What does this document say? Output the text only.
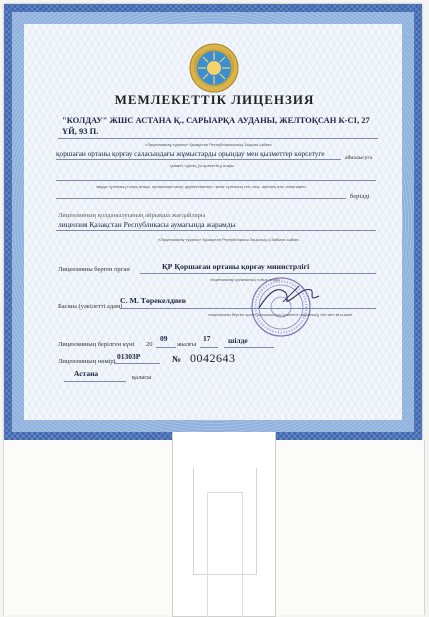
МЕМЛЕКЕТТІК ЛИЦЕНЗИЯ
"КОЛДАУ" ЖШС АСТАНА Қ., САРЫАРҚА АУДАНЫ, ЖЕЛТОҚСАН К-СІ, 27
ҮЙ, 93 П.
«Лицензиялау туралы» Қазақстан Республикасының Заңына сәйкес
қоршаған ортаны қорғау саласындағы жұмыстарды орындау мен қызметтер көрсетуге	айналысуға
қызмет түрінің (іс-әрекеттің) атауы
заңды тұлғаның толық атауы, орналасқан жері, деректемелері / жеке тұлғаның тегі, аты, әкесінің аты толығымен
берілді
Лицензияның қолданылуының айрықша жағдайлары
лицензия Қазақстан Республикасы аумағында жарамды
«Лицензиялау туралы» Қазақстан Республикасы Заңының 4-бабына сәйкес
Лицензияны берген орган	ҚР Қоршаған ортаны қорғау министрлігі
лицензиялау органының толық атауы
Басшы (уәкілетті адам)
С. М. Төрекелдиев
лицензияны берген орган басшысының (уәкілетті адамның) тегі мен аты-жөні
Лицензияның берілген күні 20
09
жылғы
17 шілде
Лицензияның нөмірі
01303Р	№ 0042643
Астана	қаласы
